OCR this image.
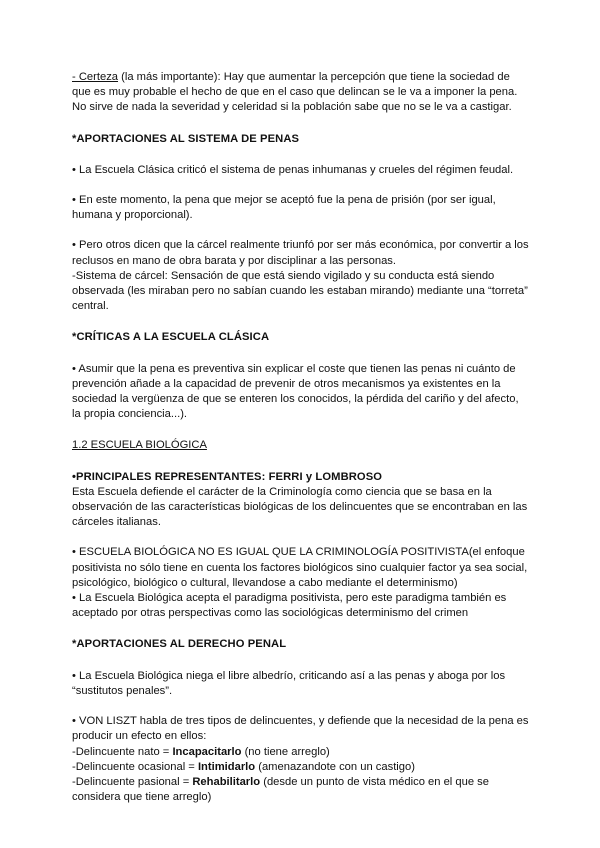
- Certeza (la más importante): Hay que aumentar la percepción que tiene la sociedad de que es muy probable el hecho de que en el caso que delincan se le va a imponer la pena. No sirve de nada la severidad y celeridad si la población sabe que no se le va a castigar.

*APORTACIONES AL SISTEMA DE PENAS

• La Escuela Clásica criticó el sistema de penas inhumanas y crueles del régimen feudal.

• En este momento, la pena que mejor se aceptó fue la pena de prisión (por ser igual, humana y proporcional).

• Pero otros dicen que la cárcel realmente triunfó por ser más económica, por convertir a los reclusos en mano de obra barata y por disciplinar a las personas.

-Sistema de cárcel: Sensación de que está siendo vigilado y su conducta está siendo observada (les miraban pero no sabían cuando les estaban mirando) mediante una “torreta” central.

*CRÍTICAS A LA ESCUELA CLÁSICA

• Asumir que la pena es preventiva sin explicar el coste que tienen las penas ni cuánto de prevención añade a la capacidad de prevenir de otros mecanismos ya existentes en la sociedad la vergüenza de que se enteren los conocidos, la pérdida del cariño y del afecto, la propia conciencia...).

1.2 ESCUELA BIOLÓGICA

•PRINCIPALES REPRESENTANTES: FERRI y LOMBROSO

Esta Escuela defiende el carácter de la Criminología como ciencia que se basa en la observación de las características biológicas de los delincuentes que se encontraban en las cárceles italianas.

• ESCUELA BIOLÓGICA NO ES IGUAL QUE LA CRIMINOLOGÍA POSITIVISTA(el enfoque positivista no sólo tiene en cuenta los factores biológicos sino cualquier factor ya sea social, psicológico, biológico o cultural, llevandose a cabo mediante el determinismo)

• La Escuela Biológica acepta el paradigma positivista, pero este paradigma también es aceptado por otras perspectivas como las sociológicas determinismo del crimen

*APORTACIONES AL DERECHO PENAL

• La Escuela Biológica niega el libre albedrío, criticando así a las penas y aboga por los “sustitutos penales”.

• VON LISZT habla de tres tipos de delincuentes, y defiende que la necesidad de la pena es producir un efecto en ellos:

-Delincuente nato = Incapacitarlo (no tiene arreglo)

-Delincuente ocasional = Intimidarlo (amenazandote con un castigo)

-Delincuente pasional = Rehabilitarlo (desde un punto de vista médico en el que se considera que tiene arreglo)
